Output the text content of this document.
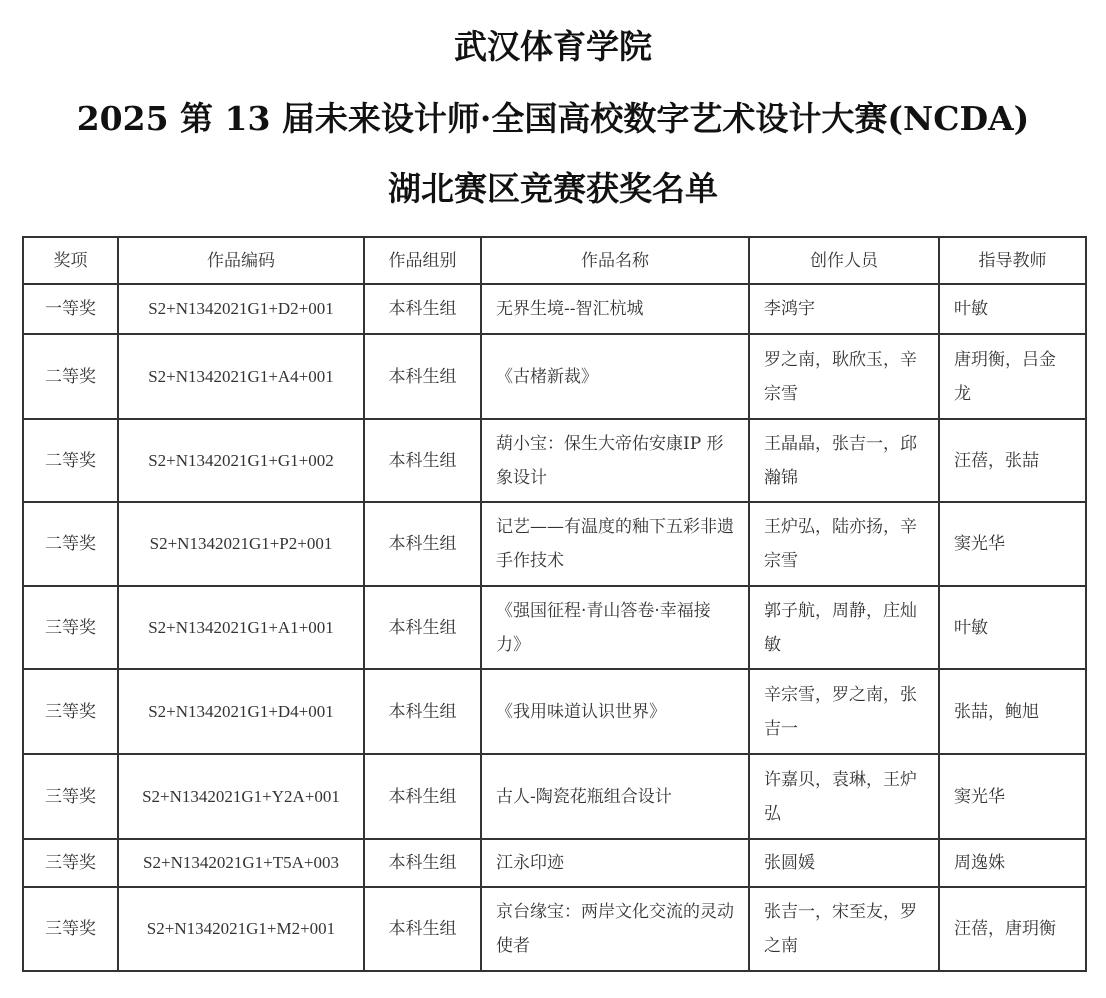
武汉体育学院
2025 第 13 届未来设计师·全国高校数字艺术设计大赛(NCDA)
湖北赛区竞赛获奖名单
奖项	作品编码	作品组别	作品名称	创作人员	指导教师
一等奖	S2+N1342021G1+D2+001	本科生组	无界生境--智汇杭城	李鸿宇	叶敏
二等奖	S2+N1342021G1+A4+001	本科生组	《古楮新裁》	罗之南，耿欣玉，辛宗雪	唐玥衡，吕金龙
二等奖	S2+N1342021G1+G1+002	本科生组	葫小宝：保生大帝佑安康IP 形象设计	王晶晶，张吉一，邱瀚锦	汪蓓，张喆
二等奖	S2+N1342021G1+P2+001	本科生组	记艺——有温度的釉下五彩非遗手作技术	王炉弘，陆亦扬，辛宗雪	窦光华
三等奖	S2+N1342021G1+A1+001	本科生组	《强国征程·青山答卷·幸福接力》	郭子航，周静，庄灿敏	叶敏
三等奖	S2+N1342021G1+D4+001	本科生组	《我用味道认识世界》	辛宗雪，罗之南，张吉一	张喆，鲍旭
三等奖	S2+N1342021G1+Y2A+001	本科生组	古人-陶瓷花瓶组合设计	许嘉贝，袁琳，王炉弘	窦光华
三等奖	S2+N1342021G1+T5A+003	本科生组	江永印迹	张圆媛	周逸姝
三等奖	S2+N1342021G1+M2+001	本科生组	京台缘宝：两岸文化交流的灵动使者	张吉一，宋至友，罗之南	汪蓓，唐玥衡
